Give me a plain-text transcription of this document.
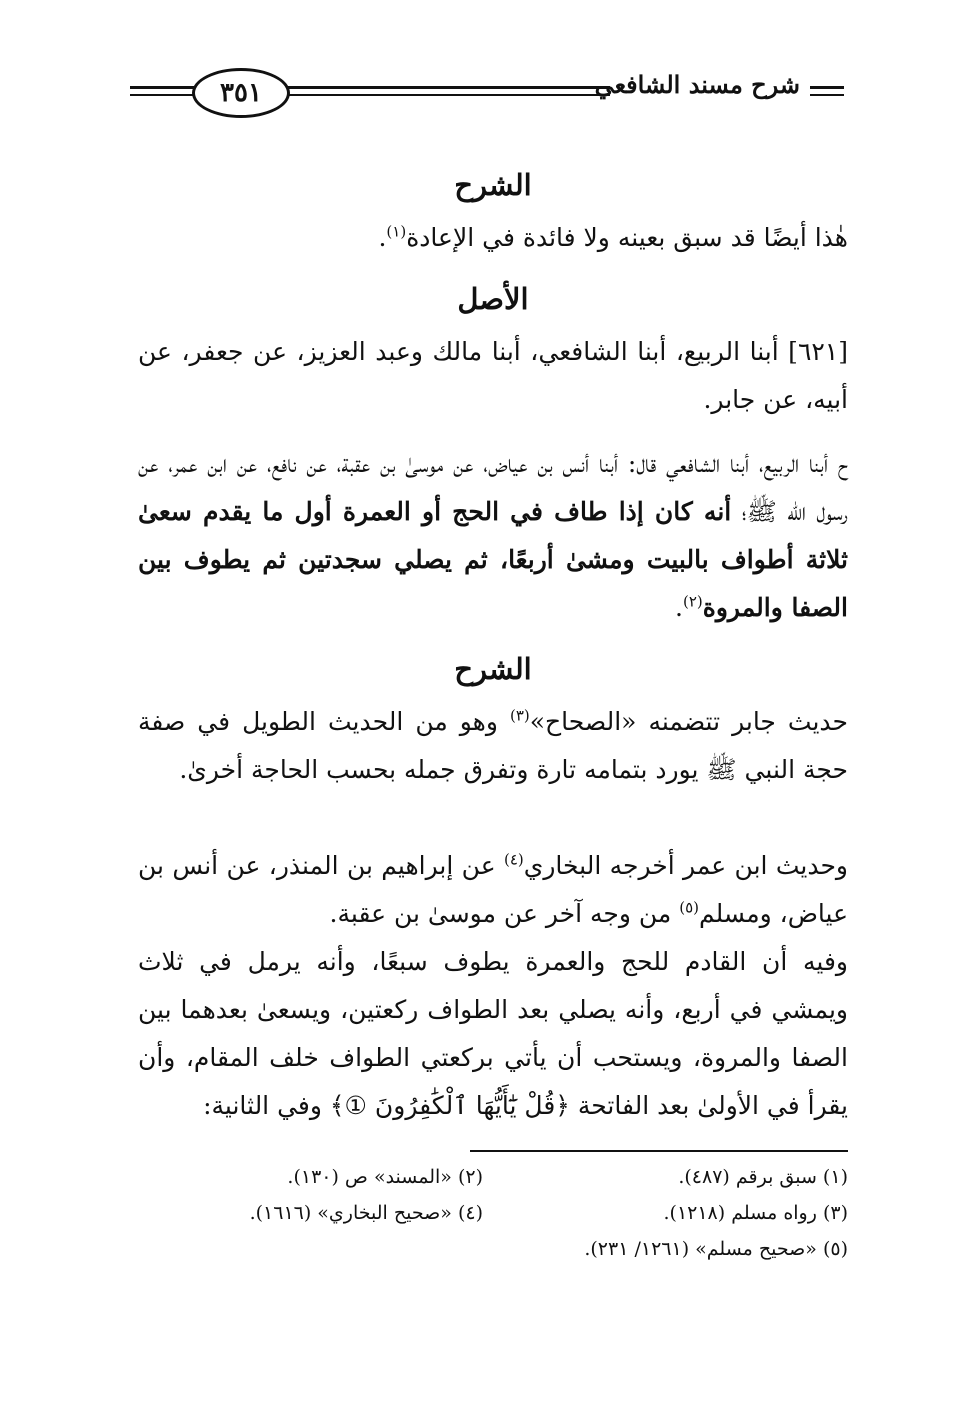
٣٥١	شرح مسند الشافعي
الشرح
هٰذا أيضًا قد سبق بعينه ولا فائدة في الإعادة$^{(١)}$.
الأصل
[٦٢١] أبنا الربيع، أبنا الشافعي، أبنا مالك وعبد العزيز، عن جعفر، عن أبيه، عن جابر.
ح أبنا الربيع، أبنا الشافعي قال: أبنا أنس بن عياض، عن موسىٰ بن عقبة، عن نافع، عن ابن عمر، عن رسول الله ﷺ؛ أنه كان إذا طاف في الحج أو العمرة أول ما يقدم سعىٰ ثلاثة أطواف بالبيت ومشىٰ أربعًا، ثم يصلي سجدتين ثم يطوف بين الصفا والمروة$^{(٢)}$.
الشرح
حديث جابر تتضمنه «الصحاح»$^{(٣)}$ وهو من الحديث الطويل في صفة حجة النبي ﷺ يورد بتمامه تارة وتفرق جمله بحسب الحاجة أخرىٰ.
وحديث ابن عمر أخرجه البخاري$^{(٤)}$ عن إبراهيم بن المنذر، عن أنس بن عياض، ومسلم$^{(٥)}$ من وجه آخر عن موسىٰ بن عقبة.
وفيه أن القادم للحج والعمرة يطوف سبعًا، وأنه يرمل في ثلاث ويمشي في أربع، وأنه يصلي بعد الطواف ركعتين، ويسعىٰ بعدهما بين الصفا والمروة، ويستحب أن يأتي بركعتي الطواف خلف المقام، وأن يقرأ في الأولىٰ بعد الفاتحة ﴿قُلْ يَٰٓأَيُّهَا ٱلْكَٰفِرُونَ ①﴾ وفي الثانية:
(١) سبق برقم (٤٨٧).
(٢) «المسند» ص (١٣٠).
(٣) رواه مسلم (١٢١٨).
(٤) «صحيح البخاري» (١٦١٦).
(٥) «صحيح مسلم» (١٢٦١/ ٢٣١).
